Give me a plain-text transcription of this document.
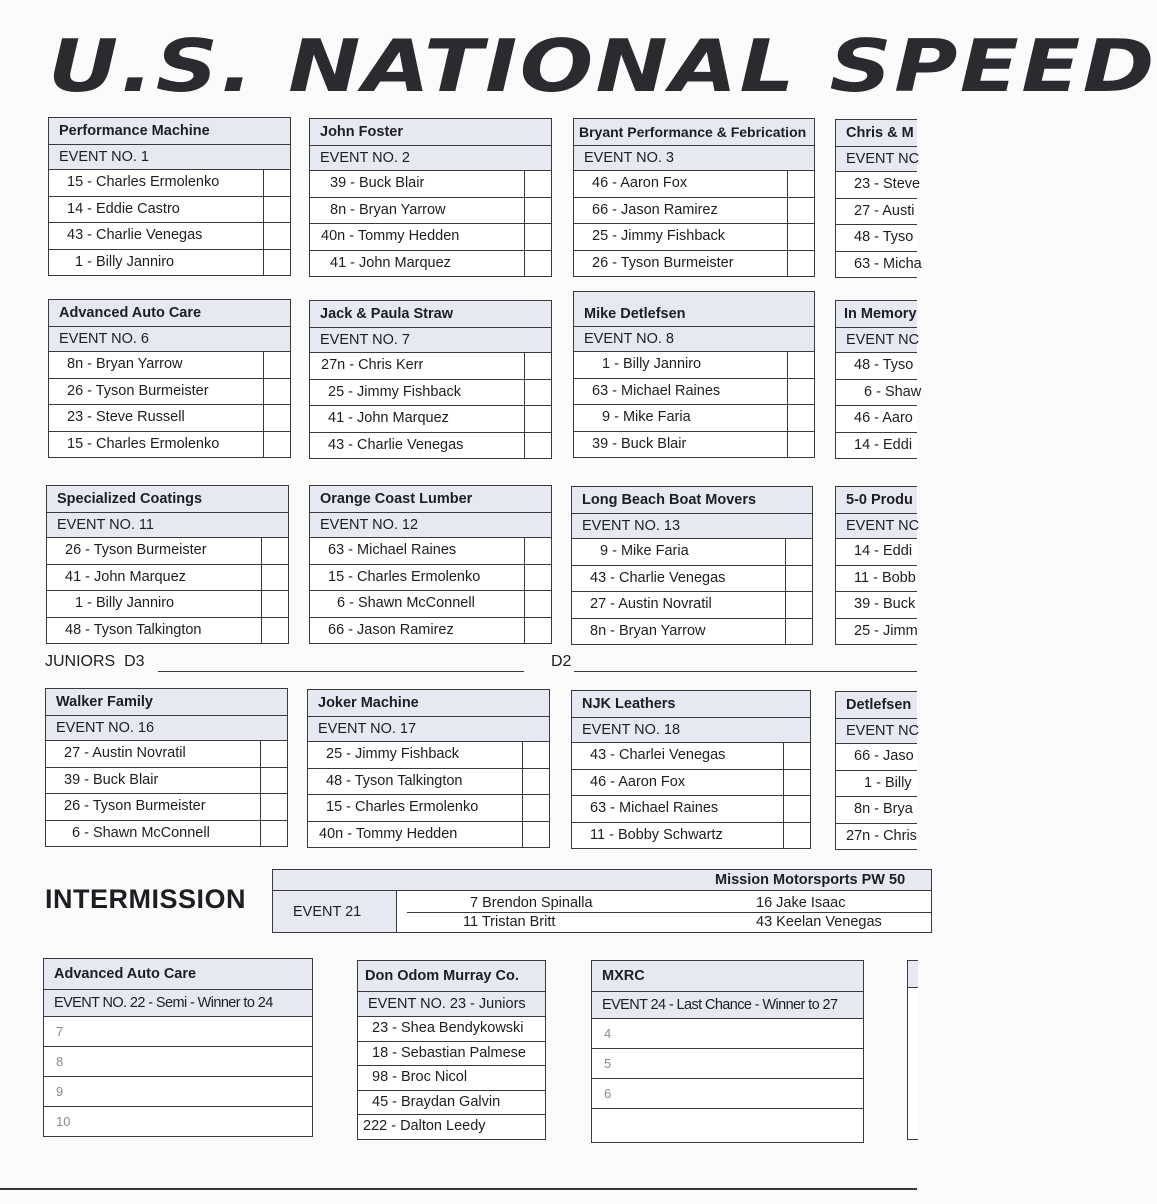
U.S. NATIONAL SPEED
Performance Machine
EVENT NO. 1
15 - Charles Ermolenko
14 - Eddie Castro
43 - Charlie Venegas
1 - Billy Janniro
John Foster
EVENT NO. 2
39 - Buck Blair
8n - Bryan Yarrow
40n - Tommy Hedden
41 - John Marquez
Bryant Performance & Febrication
EVENT NO. 3
46 - Aaron Fox
66 - Jason Ramirez
25 - Jimmy Fishback
26 - Tyson Burmeister
Chris & M
EVENT NC
23 - Steve
27 - Austi
48 - Tyso
63 - Micha
Advanced Auto Care
EVENT NO. 6
8n - Bryan Yarrow
26 - Tyson Burmeister
23 - Steve Russell
15 - Charles Ermolenko
Jack & Paula Straw
EVENT NO. 7
27n - Chris Kerr
25 - Jimmy Fishback
41 - John Marquez
43 - Charlie Venegas
Mike Detlefsen
EVENT NO. 8
1 - Billy Janniro
63 - Michael Raines
9 - Mike Faria
39 - Buck Blair
In Memory
EVENT NC
48 - Tyso
6 - Shaw
46 - Aaro
14 - Eddi
Specialized Coatings
EVENT NO. 11
26 - Tyson Burmeister
41 - John Marquez
1 - Billy Janniro
48 - Tyson Talkington
Orange Coast Lumber
EVENT NO. 12
63 - Michael Raines
15 - Charles Ermolenko
6 - Shawn McConnell
66 - Jason Ramirez
Long Beach Boat Movers
EVENT NO. 13
9 - Mike Faria
43 - Charlie Venegas
27 - Austin Novratil
8n - Bryan Yarrow
5-0 Produ
EVENT NC
14 - Eddi
11 - Bobb
39 - Buck
25 - Jimm
JUNIORS  D3	D2
Walker Family
EVENT NO. 16
27 - Austin Novratil
39 - Buck Blair
26 - Tyson Burmeister
6 - Shawn McConnell
Joker Machine
EVENT NO. 17
25 - Jimmy Fishback
48 - Tyson Talkington
15 - Charles Ermolenko
40n - Tommy Hedden
NJK Leathers
EVENT NO. 18
43 - Charlei Venegas
46 - Aaron Fox
63 - Michael Raines
11 - Bobby Schwartz
Detlefsen
EVENT NC
66 - Jaso
1 - Billy
8n - Brya
27n - Chris
INTERMISSION
Mission Motorsports PW 50
EVENT 21
7 Brendon Spinalla
11 Tristan Britt
16 Jake Isaac
43 Keelan Venegas
Advanced Auto Care
EVENT NO. 22 - Semi - Winner to 24
7
8
9
10
Don Odom Murray Co.
EVENT NO. 23 - Juniors
23 - Shea Bendykowski
18 - Sebastian Palmese
98 - Broc Nicol
45 - Braydan Galvin
222 - Dalton Leedy
MXRC
EVENT 24 - Last Chance - Winner to 27
4
5
6
